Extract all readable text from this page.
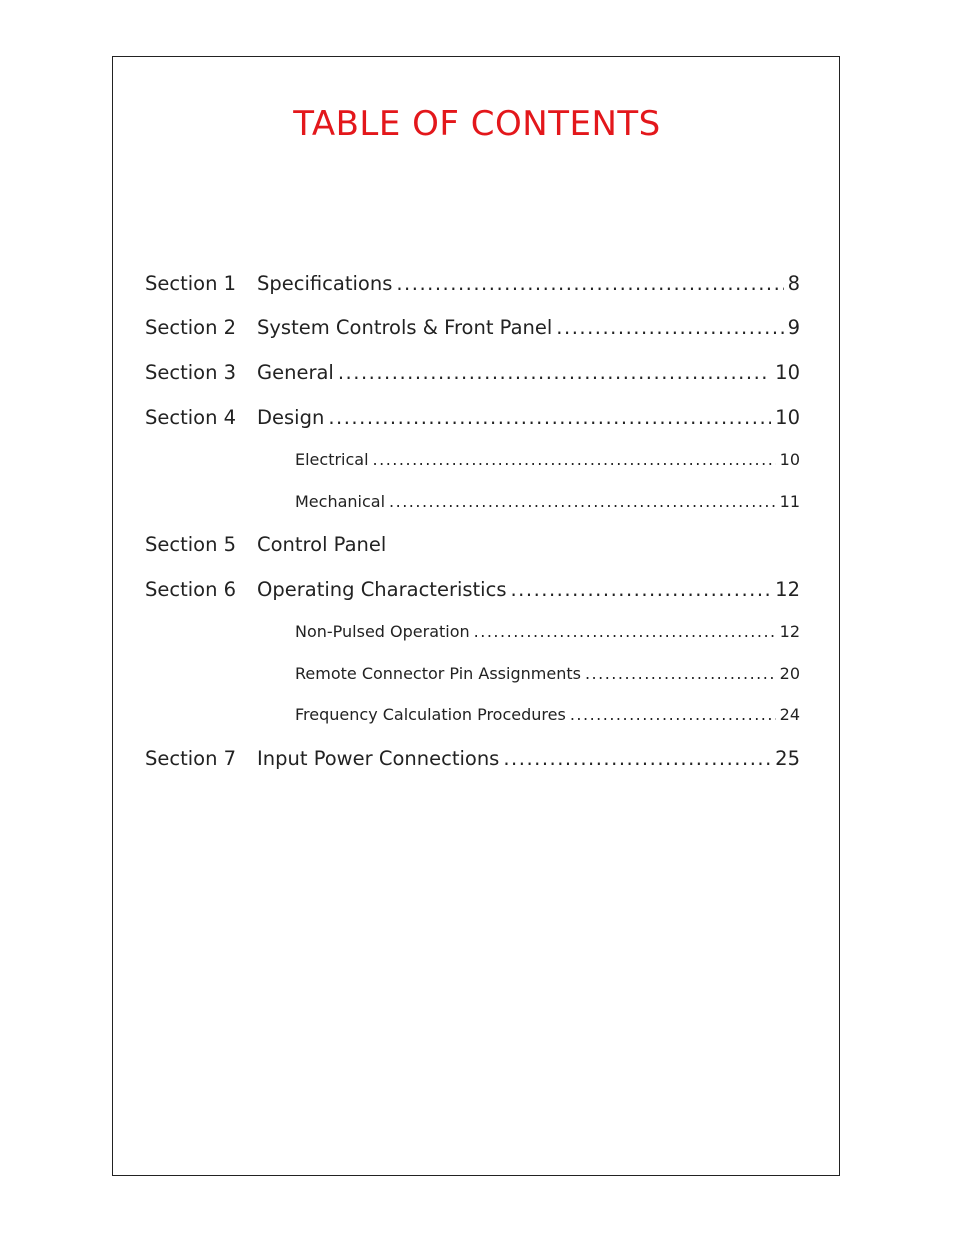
TABLE OF CONTENTS
Section 1	Specifications .....	8
Section 2	System Controls & Front Panel .....	9
Section 3	General .....	10
Section 4	Design .....	10
Electrical .....	10
Mechanical .....	11
Section 5	Control Panel
Section 6	Operating Characteristics .....	12
Non-Pulsed Operation .....	12
Remote Connector Pin Assignments .....	20
Frequency Calculation Procedures .....	24
Section 7	Input Power Connections .....	25
